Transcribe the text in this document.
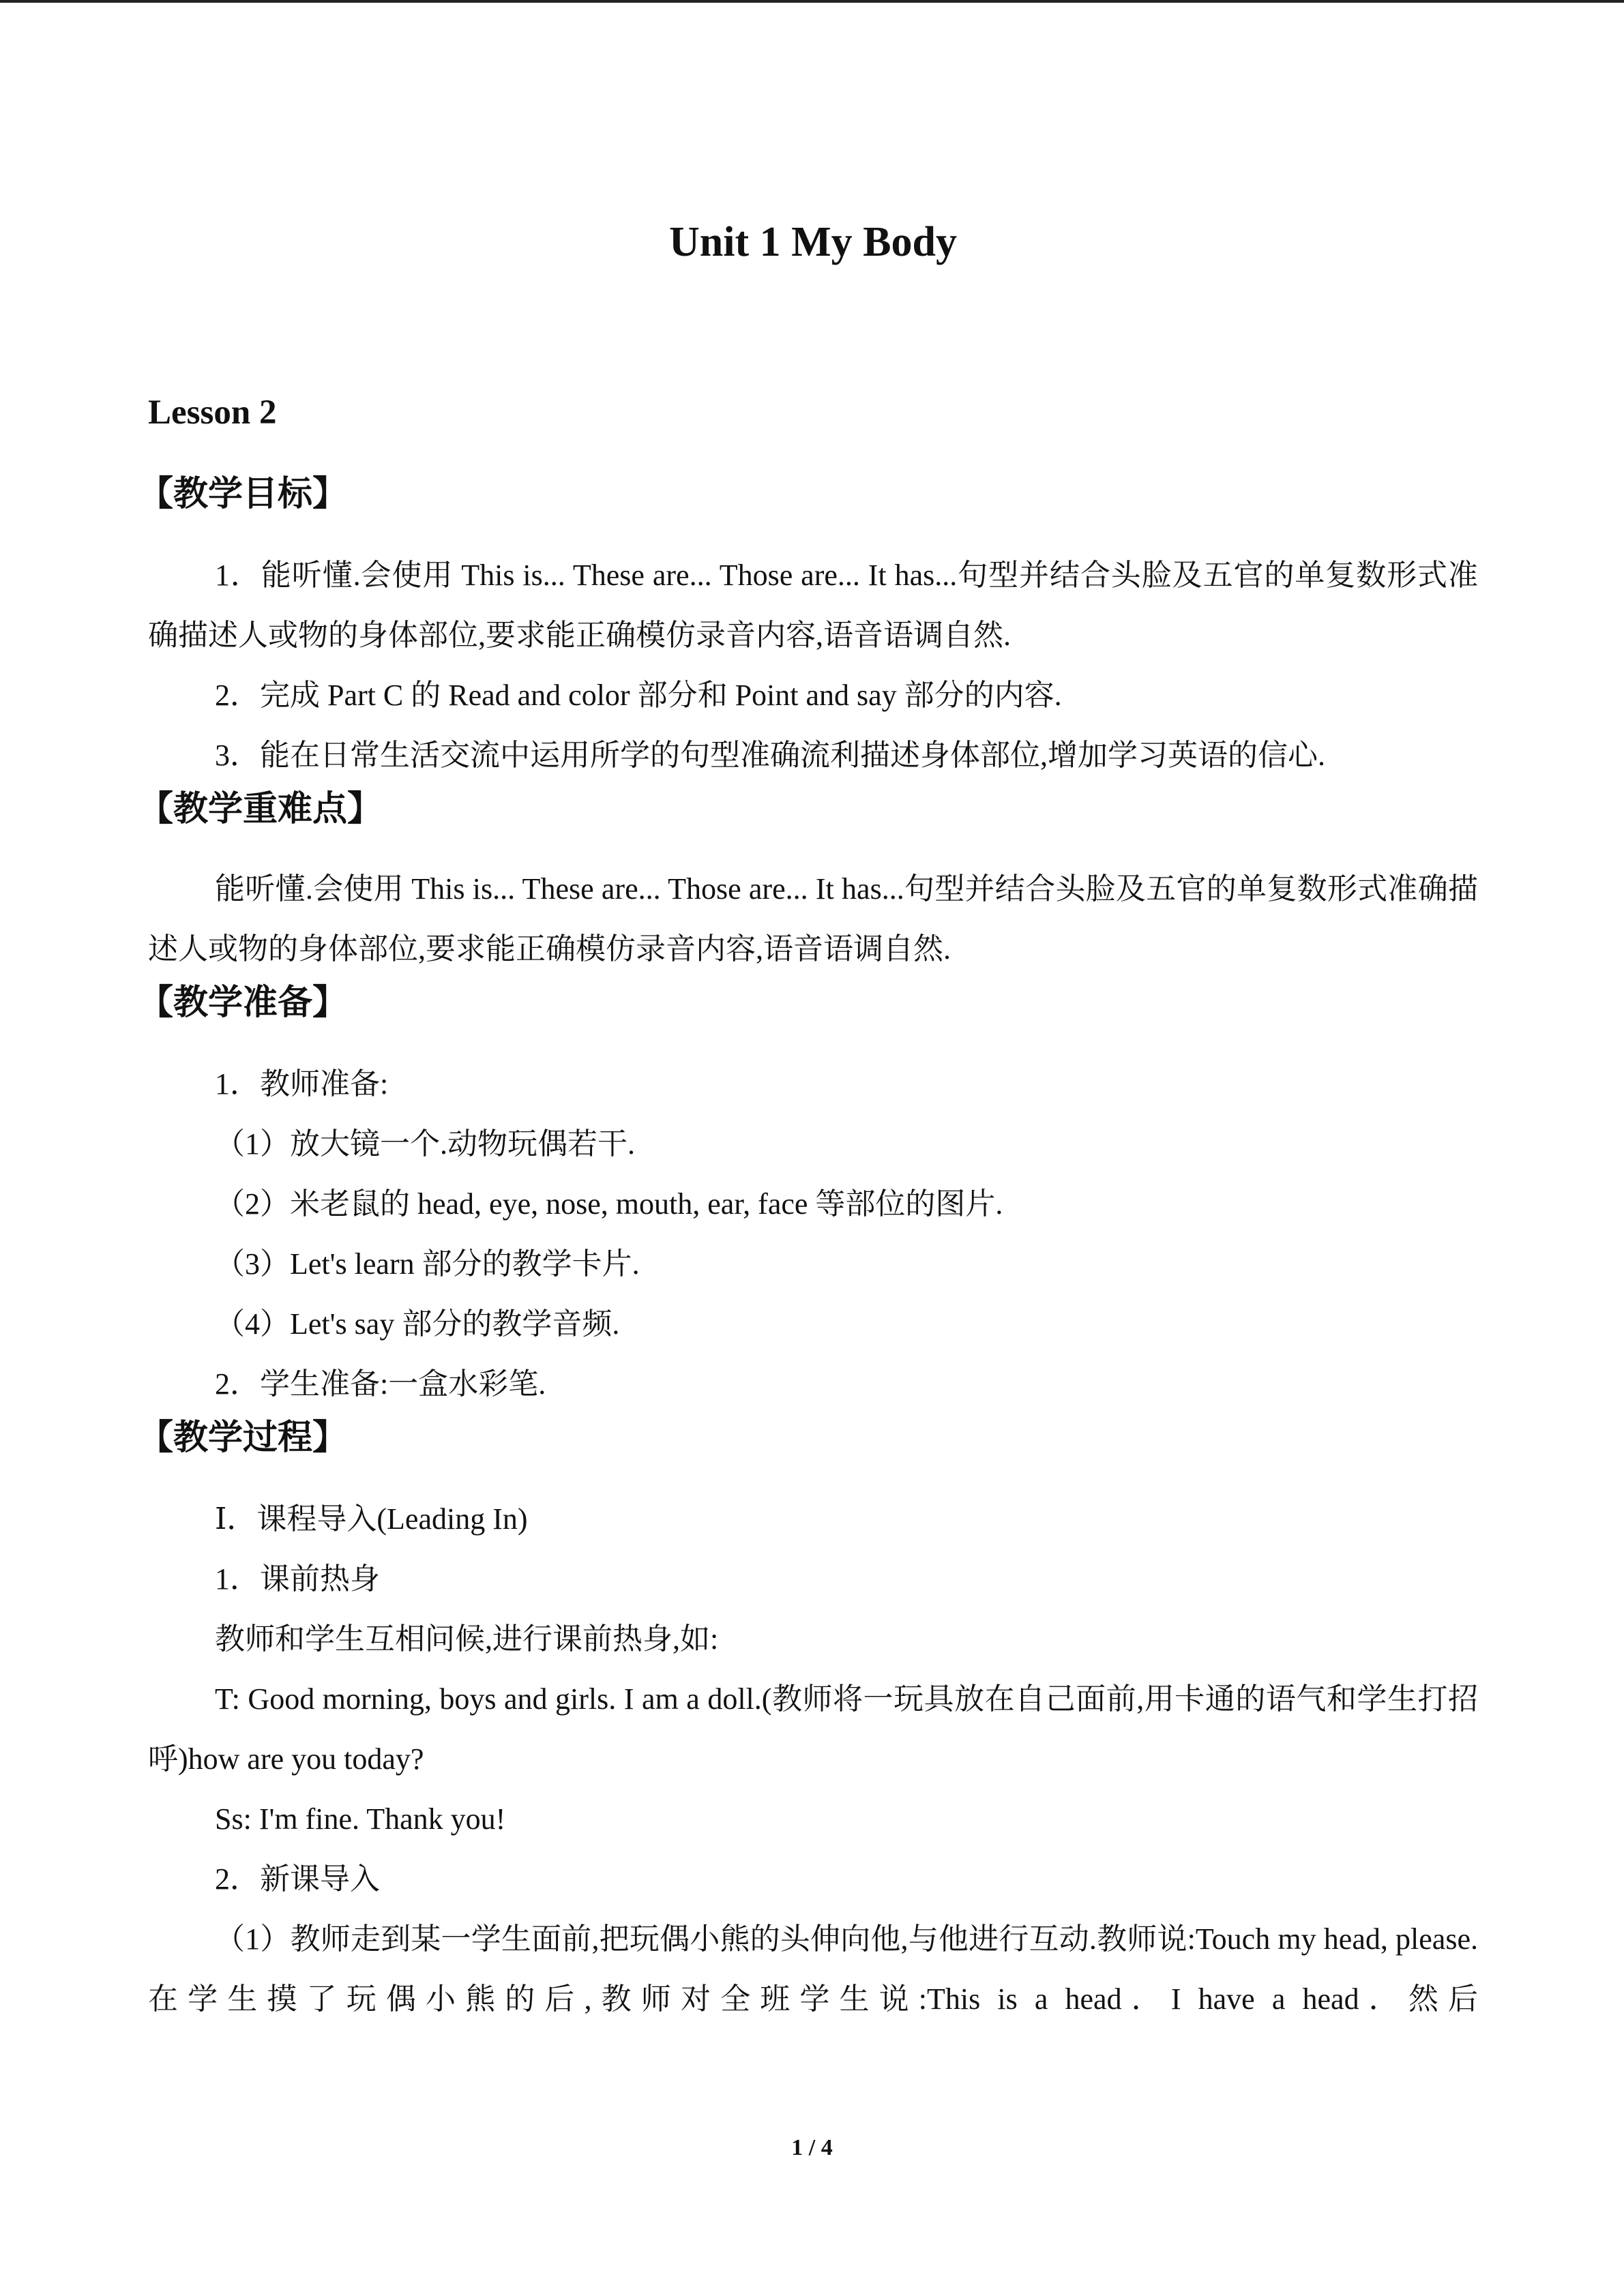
Unit 1 My Body
Lesson 2
【教学目标】

1．能听懂.会使用 This is... These are... Those are... It has...句型并结合头脸及五官的单复数形式准确描述人或物的身体部位,要求能正确模仿录音内容,语音语调自然.

2．完成 Part C 的 Read and color 部分和 Point and say 部分的内容.

3．能在日常生活交流中运用所学的句型准确流利描述身体部位,增加学习英语的信心.

【教学重难点】

能听懂.会使用 This is... These are... Those are... It has...句型并结合头脸及五官的单复数形式准确描述人或物的身体部位,要求能正确模仿录音内容,语音语调自然.

【教学准备】

1．教师准备:

（1）放大镜一个.动物玩偶若干.

（2）米老鼠的 head, eye, nose, mouth, ear, face 等部位的图片.

（3）Let's learn 部分的教学卡片.

（4）Let's say 部分的教学音频.

2．学生准备:一盒水彩笔.

【教学过程】

Ⅰ．课程导入(Leading In)

1．课前热身

教师和学生互相问候,进行课前热身,如:

T: Good morning, boys and girls. I am a doll.(教师将一玩具放在自己面前,用卡通的语气和学生打招呼)how are you today?

Ss: I'm fine. Thank you!

2．新课导入

（1）教师走到某一学生面前,把玩偶小熊的头伸向他,与他进行互动.教师说:Touch my head, please. 在学生摸了玩偶小熊的后,教师对全班学生说:This is a head．I have a head．然后

1 / 4
